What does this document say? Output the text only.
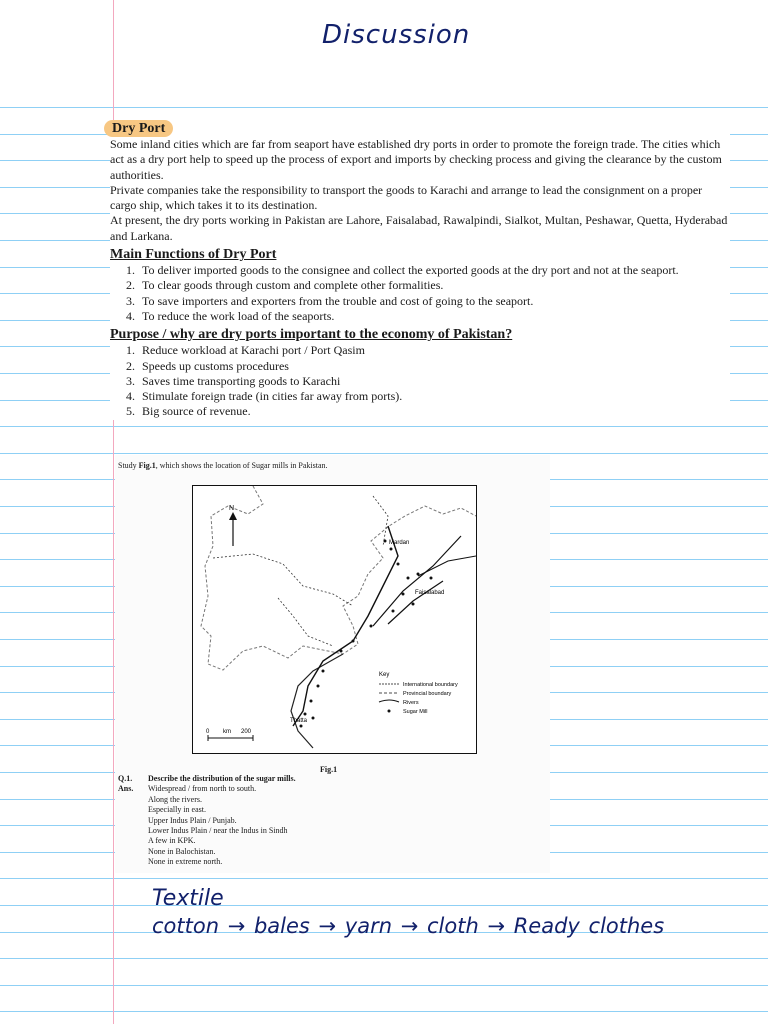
Discussion
Dry Port

Some inland cities which are far from seaport have established dry ports in order to promote the foreign trade. The cities which act as a dry port help to speed up the process of export and imports by checking process and giving the clearance by the custom authorities.

Private companies take the responsibility to transport the goods to Karachi and arrange to lead the consignment on a proper cargo ship, which takes it to its destination.

At present, the dry ports working in Pakistan are Lahore, Faisalabad, Rawalpindi, Sialkot, Multan, Peshawar, Quetta, Hyderabad and Larkana.

Main Functions of Dry Port
1. To deliver imported goods to the consignee and collect the exported goods at the dry port and not at the seaport.
2. To clear goods through custom and complete other formalities.
3. To save importers and exporters from the trouble and cost of going to the seaport.
4. To reduce the work load of the seaports.
Purpose / why are dry ports important to the economy of Pakistan?
1. Reduce workload at Karachi port / Port Qasim
2. Speeds up customs procedures
3. Saves time transporting goods to Karachi
4. Stimulate foreign trade (in cities far away from ports).
5. Big source of revenue.
Study Fig.1, which shows the location of Sugar mills in Pakistan.
N
Mardan
Faisalabad
Thatta
Key
International boundary
Provincial boundary
Rivers
Sugar Mill
0 km 200
Fig.1
Q.1.	Describe the distribution of the sugar mills.
Ans.	Widespread / from north to south.
Along the rivers.
Especially in east.
Upper Indus Plain / Punjab.
Lower Indus Plain / near the Indus in Sindh
A few in KPK.
None in Balochistan.
None in extreme north.
Textile
cotton → bales → yarn → cloth → Ready clothes
